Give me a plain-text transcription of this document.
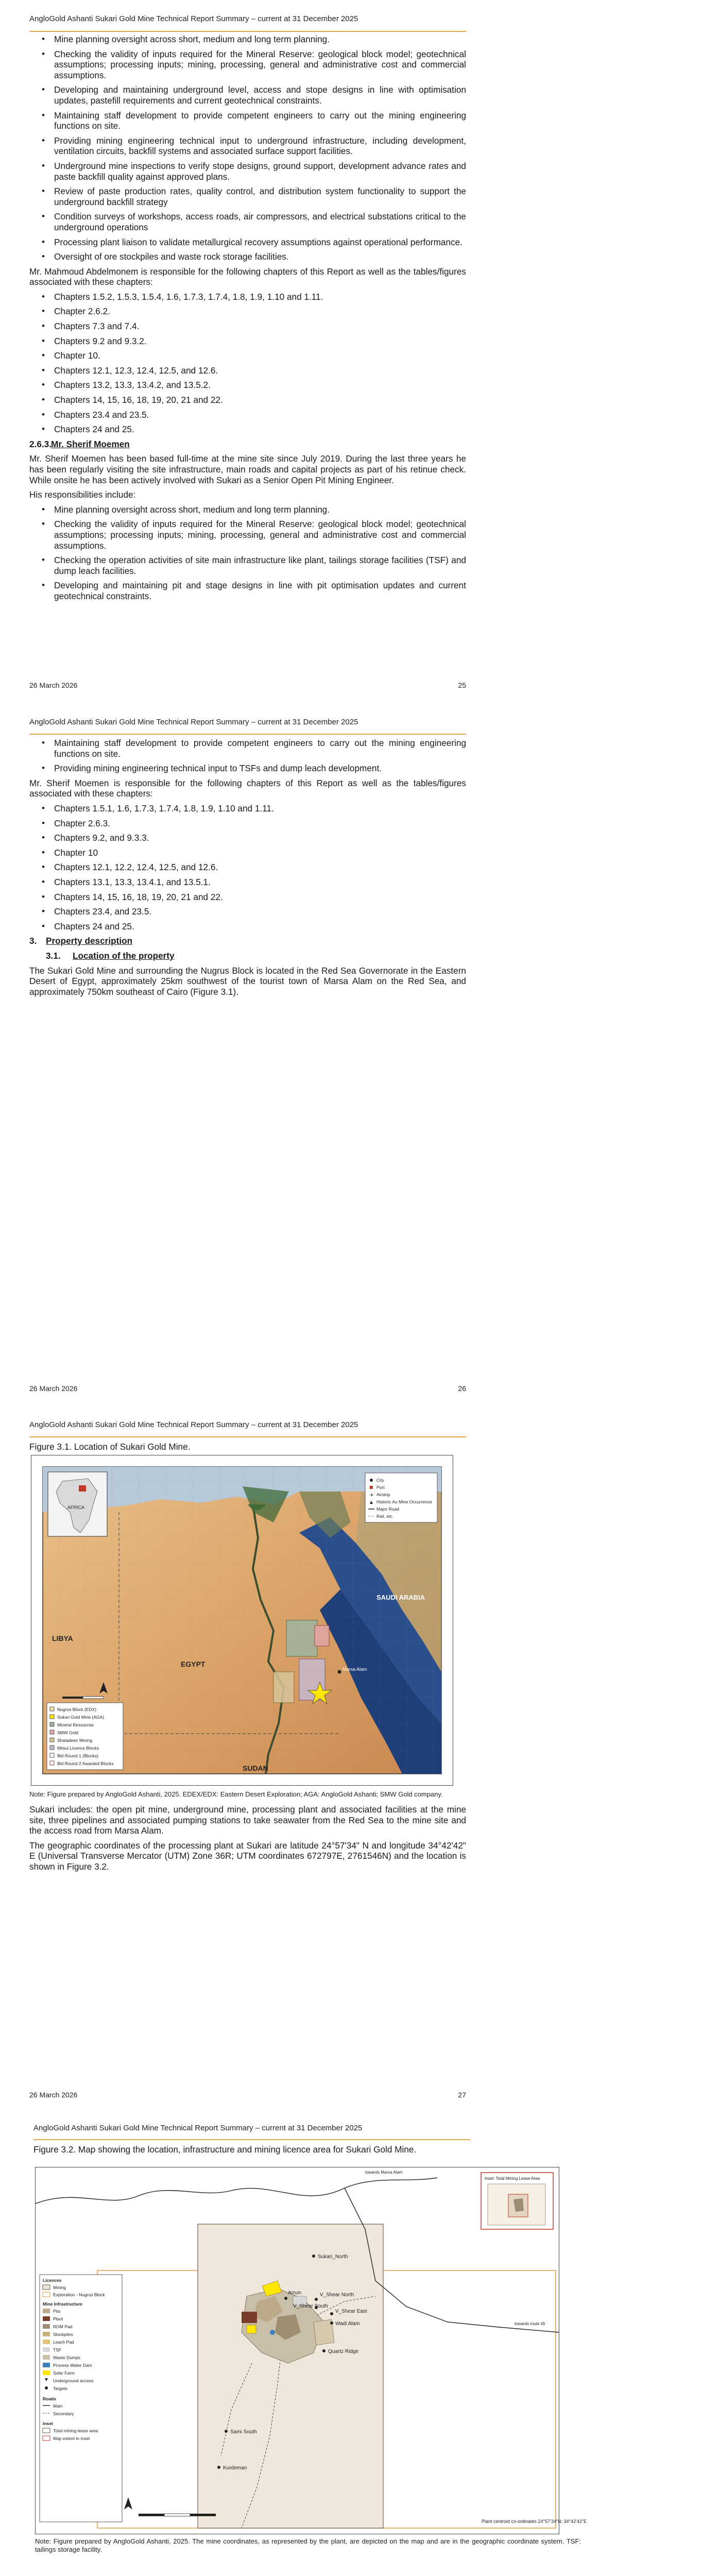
AngloGold Ashanti Sukari Gold Mine Technical Report Summary – current at 31 December 2025
• Mine planning oversight across short, medium and long term planning.
• Checking the validity of inputs required for the Mineral Reserve: geological block model; geotechnical assumptions; processing inputs; mining, processing, general and administrative cost and commercial assumptions.
• Developing and maintaining underground level, access and stope designs in line with optimisation updates, pastefill requirements and current geotechnical constraints.
• Maintaining staff development to provide competent engineers to carry out the mining engineering functions on site.
• Providing mining engineering technical input to underground infrastructure, including development, ventilation circuits, backfill systems and associated surface support facilities.
• Underground mine inspections to verify stope designs, ground support, development advance rates and paste backfill quality against approved plans.
• Review of paste production rates, quality control, and distribution system functionality to support the underground backfill strategy
• Condition surveys of workshops, access roads, air compressors, and electrical substations critical to the underground operations
• Processing plant liaison to validate metallurgical recovery assumptions against operational performance.
• Oversight of ore stockpiles and waste rock storage facilities.

Mr. Mahmoud Abdelmonem is responsible for the following chapters of this Report as well as the tables/figures associated with these chapters:

• Chapters 1.5.2, 1.5.3, 1.5.4, 1.6, 1.7.3, 1.7.4, 1.8, 1.9, 1.10 and 1.11.
• Chapter 2.6.2.
• Chapters 7.3 and 7.4.
• Chapters 9.2 and 9.3.2.
• Chapter 10.
• Chapters 12.1, 12.3, 12.4, 12.5, and 12.6.
• Chapters 13.2, 13.3, 13.4.2, and 13.5.2.
• Chapters 14, 15, 16, 18, 19, 20, 21 and 22.
• Chapters 23.4 and 23.5.
• Chapters 24 and 25.
2.6.3.Mr. Sherif Moemen

Mr. Sherif Moemen has been based full-time at the mine site since July 2019. During the last three years he has been regularly visiting the site infrastructure, main roads and capital projects as part of his retinue check. While onsite he has been actively involved with Sukari as a Senior Open Pit Mining Engineer.

His responsibilities include:

• Mine planning oversight across short, medium and long term planning.
• Checking the validity of inputs required for the Mineral Reserve: geological block model; geotechnical assumptions; processing inputs; mining, processing, general and administrative cost and commercial assumptions.
• Checking the operation activities of site main infrastructure like plant, tailings storage facilities (TSF) and dump leach facilities.
• Developing and maintaining pit and stage designs in line with pit optimisation updates and current geotechnical constraints.
26 March 2026	25
AngloGold Ashanti Sukari Gold Mine Technical Report Summary – current at 31 December 2025
• Maintaining staff development to provide competent engineers to carry out the mining engineering functions on site.
• Providing mining engineering technical input to TSFs and dump leach development.

Mr. Sherif Moemen is responsible for the following chapters of this Report as well as the tables/figures associated with these chapters:

• Chapters 1.5.1, 1.6, 1.7.3, 1.7.4, 1.8, 1.9, 1.10 and 1.11.
• Chapter 2.6.3.
• Chapters 9.2, and 9.3.3.
• Chapter 10
• Chapters 12.1, 12.2, 12.4, 12.5, and 12.6.
• Chapters 13.1, 13.3, 13.4.1, and 13.5.1.
• Chapters 14, 15, 16, 18, 19, 20, 21 and 22.
• Chapters 23.4, and 23.5.
• Chapters 24 and 25.
3. Property description
3.1. Location of the property

The Sukari Gold Mine and surrounding the Nugrus Block is located in the Red Sea Governorate in the Eastern Desert of Egypt, approximately 25km southwest of the tourist town of Marsa Alam on the Red Sea, and approximately 750km southeast of Cairo (Figure 3.1).

26 March 2026	26
AngloGold Ashanti Sukari Gold Mine Technical Report Summary – current at 31 December 2025
Figure 3.1. Location of Sukari Gold Mine.
LIBYA
EGYPT
SUDAN
SAUDI ARABIA
Marsa Alam
AFRICA
City
Port
✈ Airstrip
Historic Au Mine Occurrence
Major Road
Rail, etc.
Nugrus Block (EDX)
Sukari Gold Mine (AGA)
Mineral Resources
SMW Gold
Shaladeen Mining
Mitsui Licence Blocks
Bid Round 1 (Blocks)
Bid Round 2 Awarded Blocks
Note: Figure prepared by AngloGold Ashanti, 2025. EDEX/EDX: Eastern Desert Exploration; AGA: AngloGold Ashanti; SMW Gold company.

Sukari includes: the open pit mine, underground mine, processing plant and associated facilities at the mine site, three pipelines and associated pumping stations to take seawater from the Red Sea to the mine site and the access road from Marsa Alam.

The geographic coordinates of the processing plant at Sukari are latitude 24°57'34" N and longitude 34°42'42" E (Universal Transverse Mercator (UTM) Zone 36R; UTM coordinates 672797E, 2761546N) and the location is shown in Figure 3.2.

26 March 2026	27
AngloGold Ashanti Sukari Gold Mine Technical Report Summary – current at 31 December 2025
Figure 3.2. Map showing the location, infrastructure and mining licence area for Sukari Gold Mine.
Sukari_North
Amun	V_Shear North
V_Shear South
V_Shear East
Wadi Alam
Quartz Ridge
Sami South
Kurdeman
towards Marsa Alam
towards route 45
Inset: Total Mining Lease Area
Licences
Mining
Exploration - Nugrus Block
Mine Infrastructure
Pits
Plant
ROM Pad
Stockpiles
Leach Pad
TSF
Waste Dumps
Process Water Dam
Solar Farm
Underground access
Targets
Roads
Main
Secondary
Inset
Total mining lease area
Map extent in inset
Plant centroid co-ordinates 24°57'34"N; 34°42'42"E
Note: Figure prepared by AngloGold Ashanti, 2025. The mine coordinates, as represented by the plant, are depicted on the map and are in the geographic coordinate system. TSF: tailings storage facility.
